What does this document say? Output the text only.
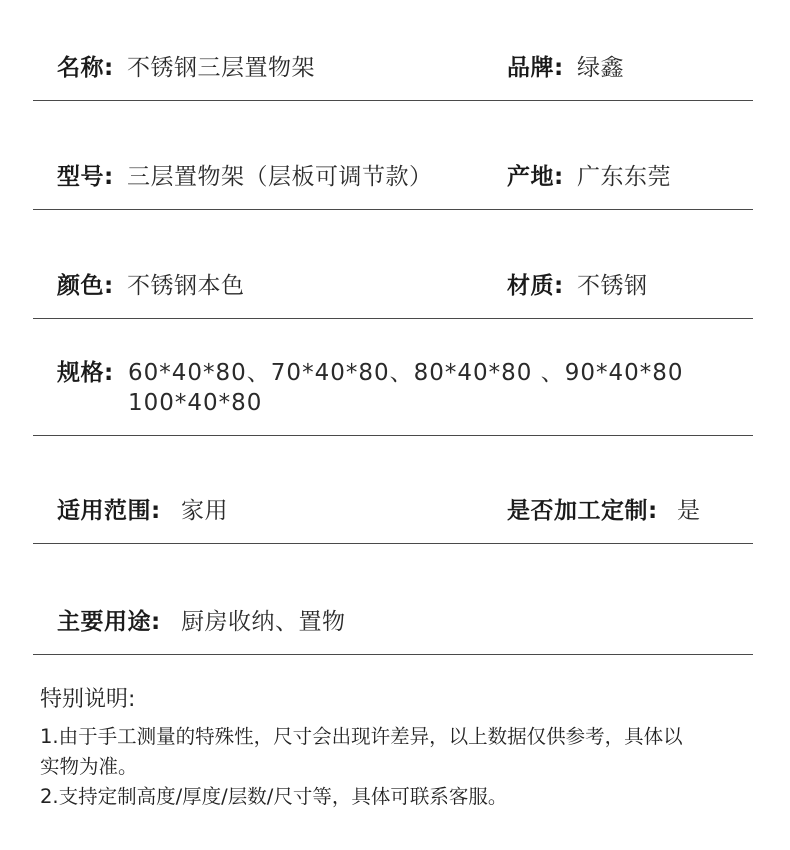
名称: 不锈钢三层置物架	品牌: 绿鑫
型号: 三层置物架（层板可调节款）	产地: 广东东莞
颜色: 不锈钢本色	材质: 不锈钢
规格: 60*40*80、70*40*80、80*40*80 、90*40*80
100*40*80
适用范围: 家用	是否加工定制: 是
主要用途: 厨房收纳、置物
特别说明:
1.由于手工测量的特殊性，尺寸会出现许差异，以上数据仅供参考，具体以
实物为准。
2.支持定制高度/厚度/层数/尺寸等，具体可联系客服。
